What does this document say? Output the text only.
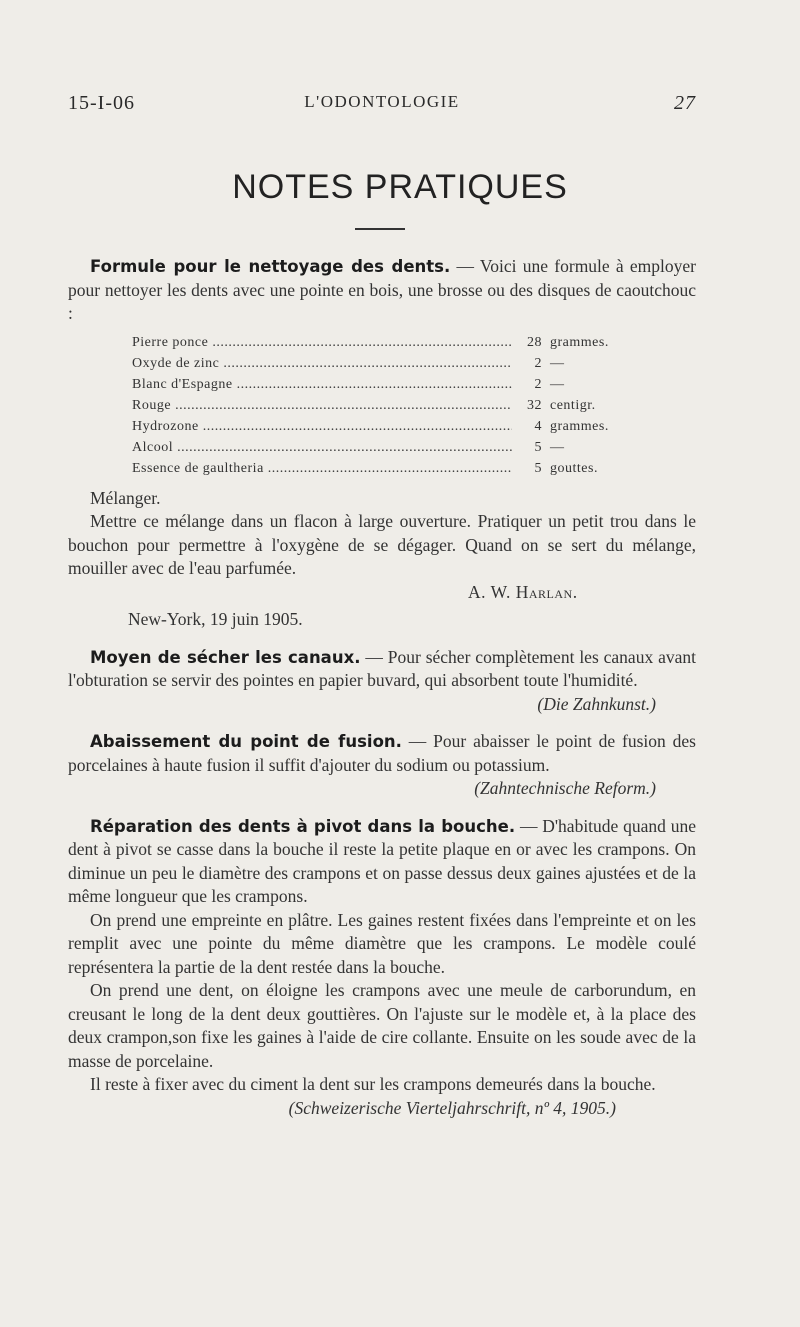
15-I-06	L'ODONTOLOGIE	27
NOTES PRATIQUES

Formule pour le nettoyage des dents. — Voici une formule à employer pour nettoyer les dents avec une pointe en bois, une brosse ou des disques de caoutchouc :

Pierre ponce .....	28 grammes.
Oxyde de zinc .....	2 —
Blanc d'Espagne .....	2 —
Rouge .....	32 centigr.
Hydrozone .....	4 grammes.
Alcool .....	5 —
Essence de gaultheria .....	5 gouttes.

Mélanger.

Mettre ce mélange dans un flacon à large ouverture. Pratiquer un petit trou dans le bouchon pour permettre à l'oxygène de se dégager. Quand on se sert du mélange, mouiller avec de l'eau parfumée.

A. W. Harlan.

New-York, 19 juin 1905.

Moyen de sécher les canaux. — Pour sécher complètement les canaux avant l'obturation se servir des pointes en papier buvard, qui absorbent toute l'humidité.

(Die Zahnkunst.)

Abaissement du point de fusion. — Pour abaisser le point de fusion des porcelaines à haute fusion il suffit d'ajouter du sodium ou potassium.

(Zahntechnische Reform.)

Réparation des dents à pivot dans la bouche. — D'habitude quand une dent à pivot se casse dans la bouche il reste la petite plaque en or avec les crampons. On diminue un peu le diamètre des crampons et on passe dessus deux gaines ajustées et de la même longueur que les crampons.

On prend une empreinte en plâtre. Les gaines restent fixées dans l'empreinte et on les remplit avec une pointe du même diamètre que les crampons. Le modèle coulé représentera la partie de la dent restée dans la bouche.

On prend une dent, on éloigne les crampons avec une meule de carborundum, en creusant le long de la dent deux gouttières. On l'ajuste sur le modèle et, à la place des deux crampon,son fixe les gaines à l'aide de cire collante. Ensuite on les soude avec de la masse de porcelaine.

Il reste à fixer avec du ciment la dent sur les crampons demeurés dans la bouche.

(Schweizerische Vierteljahrschrift, nº 4, 1905.)
